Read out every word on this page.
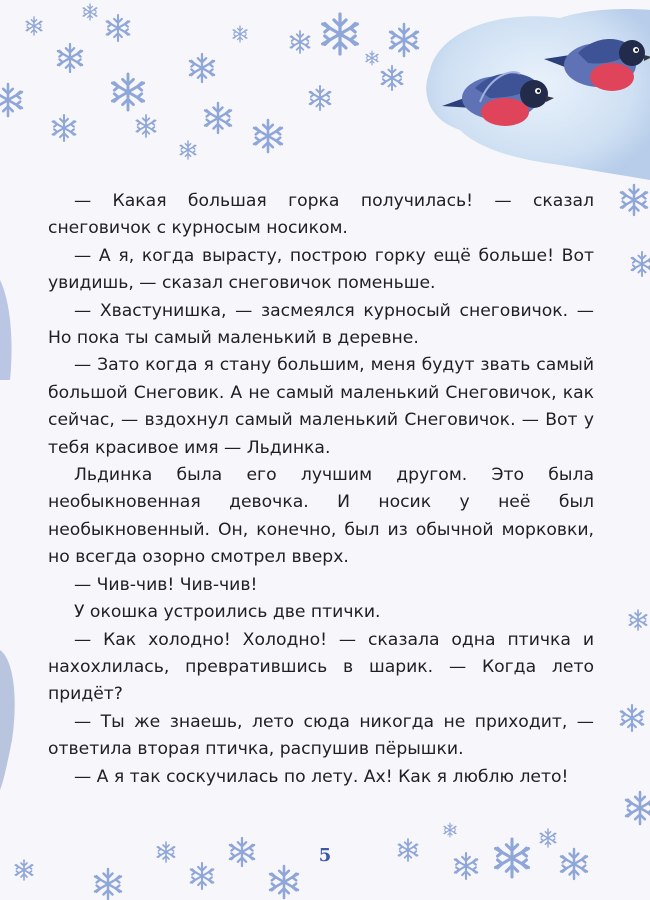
— Какая большая горка получилась! — сказал снеговичок с курносым носиком.

— А я, когда вырасту, построю горку ещё больше! Вот увидишь, — сказал снеговичок поменьше.

— Хвастунишка, — засмеялся курносый снеговичок. — Но пока ты самый маленький в деревне.

— Зато когда я стану большим, меня будут звать самый большой Снеговик. А не самый маленький Снеговичок, как сейчас, — вздохнул самый маленький Снеговичок. — Вот у тебя красивое имя — Льдинка.

Льдинка была его лучшим другом. Это была необыкновенная девочка. И носик у неё был необыкновенный. Он, конечно, был из обычной морковки, но всегда озорно смотрел вверх.

— Чив-чив! Чив-чив!

У окошка устроились две птички.

— Как холодно! Холодно! — сказала одна птичка и нахохлилась, превратившись в шарик. — Когда лето придёт?

— Ты же знаешь, лето сюда никогда не приходит, — ответила вторая птичка, распушив пёрышки.

— А я так соскучилась по лету. Ах! Как я люблю лето!

5
